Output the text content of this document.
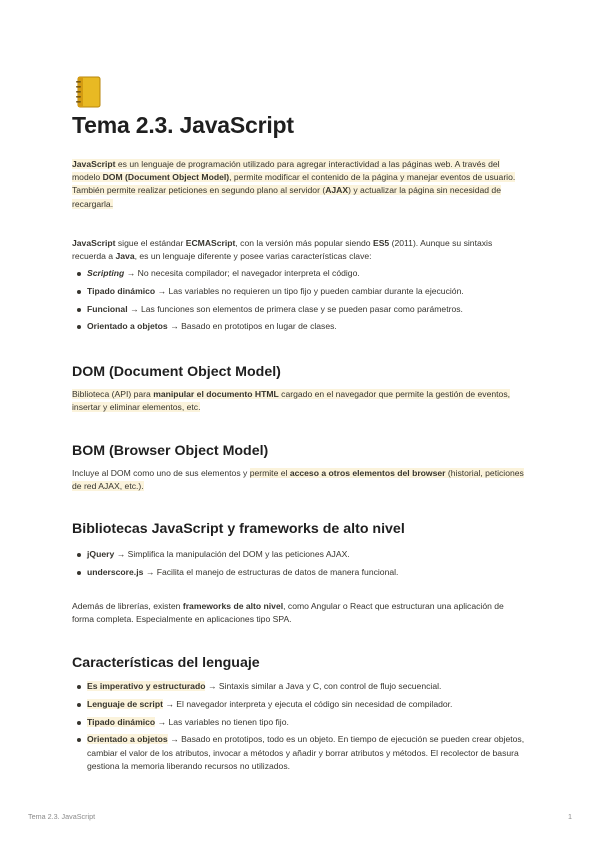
Tema 2.3. JavaScript

JavaScript es un lenguaje de programación utilizado para agregar interactividad a las páginas web. A través del modelo DOM (Document Object Model), permite modificar el contenido de la página y manejar eventos de usuario. También permite realizar peticiones en segundo plano al servidor (AJAX) y actualizar la página sin necesidad de recargarla.

JavaScript sigue el estándar ECMAScript, con la versión más popular siendo ES5 (2011). Aunque su sintaxis recuerda a Java, es un lenguaje diferente y posee varias características clave:

Scripting → No necesita compilador; el navegador interpreta el código.
Tipado dinámico → Las variables no requieren un tipo fijo y pueden cambiar durante la ejecución.
Funcional → Las funciones son elementos de primera clase y se pueden pasar como parámetros.
Orientado a objetos → Basado en prototipos en lugar de clases.
DOM (Document Object Model)

Biblioteca (API) para manipular el documento HTML cargado en el navegador que permite la gestión de eventos, insertar y eliminar elementos, etc.

BOM (Browser Object Model)

Incluye al DOM como uno de sus elementos y permite el acceso a otros elementos del browser (historial, peticiones de red AJAX, etc.).

Bibliotecas JavaScript y frameworks de alto nivel
jQuery → Simplifica la manipulación del DOM y las peticiones AJAX.
underscore.js → Facilita el manejo de estructuras de datos de manera funcional.

Además de librerías, existen frameworks de alto nivel, como Angular o React que estructuran una aplicación de forma completa. Especialmente en aplicaciones tipo SPA.

Características del lenguaje
Es imperativo y estructurado → Sintaxis similar a Java y C, con control de flujo secuencial.
Lenguaje de script → El navegador interpreta y ejecuta el código sin necesidad de compilador.
Tipado dinámico → Las variables no tienen tipo fijo.
Orientado a objetos → Basado en prototipos, todo es un objeto. En tiempo de ejecución se pueden crear objetos, cambiar el valor de los atributos, invocar a métodos y añadir y borrar atributos y métodos. El recolector de basura gestiona la memoria liberando recursos no utilizados.
Tema 2.3. JavaScript	1
